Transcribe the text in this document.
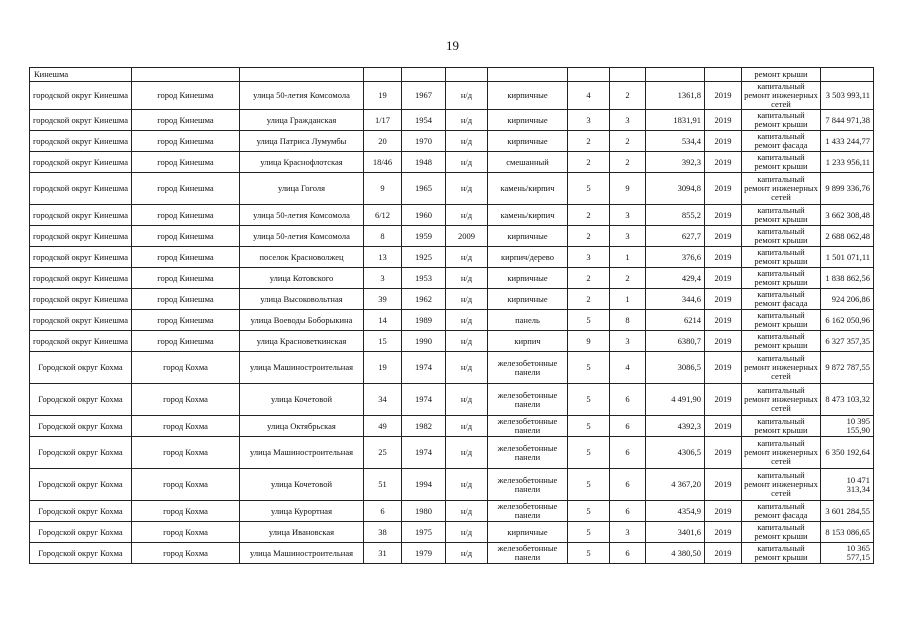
19
Кинешма											ремонт крыши	
городской округ Кинешма	город Кинешма	улица 50-летия Комсомола	19	1967	н/д	кирпичные	4	2	1361,8	2019	капитальный ремонт инженерных сетей	3 503 993,11
городской округ Кинешма	город Кинешма	улица Гражданская	1/17	1954	н/д	кирпичные	3	3	1831,91	2019	капитальный ремонт крыши	7 844 971,38
городской округ Кинешма	город Кинешма	улица Патриса Лумумбы	20	1970	н/д	кирпичные	2	2	534,4	2019	капитальный ремонт фасада	1 433 244,77
городской округ Кинешма	город Кинешма	улица Краснофлотская	18/46	1948	н/д	смешанный	2	2	392,3	2019	капитальный ремонт крыши	1 233 956,11
городской округ Кинешма	город Кинешма	улица Гоголя	9	1965	н/д	камень/кирпич	5	9	3094,8	2019	капитальный ремонт инженерных сетей	9 899 336,76
городской округ Кинешма	город Кинешма	улица 50-летия Комсомола	6/12	1960	н/д	камень/кирпич	2	3	855,2	2019	капитальный ремонт крыши	3 662 308,48
городской округ Кинешма	город Кинешма	улица 50-летия Комсомола	8	1959	2009	кирпичные	2	3	627,7	2019	капитальный ремонт крыши	2 688 062,48
городской округ Кинешма	город Кинешма	поселок Красноволжец	13	1925	н/д	кирпич/дерево	3	1	376,6	2019	капитальный ремонт крыши	1 501 071,11
городской округ Кинешма	город Кинешма	улица Котовского	3	1953	н/д	кирпичные	2	2	429,4	2019	капитальный ремонт крыши	1 838 862,56
городской округ Кинешма	город Кинешма	улица Высоковольтная	39	1962	н/д	кирпичные	2	1	344,6	2019	капитальный ремонт фасада	924 206,86
городской округ Кинешма	город Кинешма	улица Воеводы Боборыкина	14	1989	н/д	панель	5	8	6214	2019	капитальный ремонт крыши	6 162 050,96
городской округ Кинешма	город Кинешма	улица Красноветкинская	15	1990	н/д	кирпич	9	3	6380,7	2019	капитальный ремонт крыши	6 327 357,35
Городской округ Кохма	город Кохма	улица Машиностроительная	19	1974	н/д	железобетонные панели	5	4	3086,5	2019	капитальный ремонт инженерных сетей	9 872 787,55
Городской округ Кохма	город Кохма	улица Кочетовой	34	1974	н/д	железобетонные панели	5	6	4 491,90	2019	капитальный ремонт инженерных сетей	8 473 103,32
Городской округ Кохма	город Кохма	улица Октябрьская	49	1982	н/д	железобетонные панели	5	6	4392,3	2019	капитальный ремонт крыши	10 395 155,90
Городской округ Кохма	город Кохма	улица Машиностроительная	25	1974	н/д	железобетонные панели	5	6	4306,5	2019	капитальный ремонт инженерных сетей	6 350 192,64
Городской округ Кохма	город Кохма	улица Кочетовой	51	1994	н/д	железобетонные панели	5	6	4 367,20	2019	капитальный ремонт инженерных сетей	10 471 313,34
Городской округ Кохма	город Кохма	улица Курортная	6	1980	н/д	железобетонные панели	5	6	4354,9	2019	капитальный ремонт фасада	3 601 284,55
Городской округ Кохма	город Кохма	улица Ивановская	38	1975	н/д	кирпичные	5	3	3401,6	2019	капитальный ремонт крыши	8 153 086,65
Городской округ Кохма	город Кохма	улица Машиностроительная	31	1979	н/д	железобетонные панели	5	6	4 380,50	2019	капитальный ремонт крыши	10 365 577,15
